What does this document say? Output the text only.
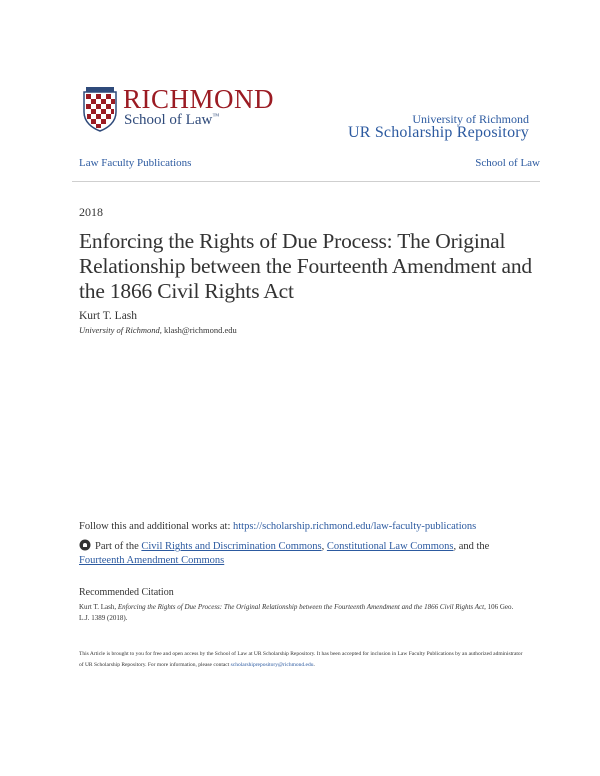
RICHMOND
School of Law™	University of Richmond
UR Scholarship Repository
Law Faculty Publications	School of Law
2018
Enforcing the Rights of Due Process: The Original Relationship between the Fourteenth Amendment and the 1866 Civil Rights Act
Kurt T. Lash
University of Richmond, klash@richmond.edu
Follow this and additional works at: https://scholarship.richmond.edu/law-faculty-publications
Part of the Civil Rights and Discrimination Commons, Constitutional Law Commons, and the Fourteenth Amendment Commons
Recommended Citation
Kurt T. Lash, Enforcing the Rights of Due Process: The Original Relationship between the Fourteenth Amendment and the 1866 Civil Rights Act, 106 Geo. L.J. 1389 (2018).
This Article is brought to you for free and open access by the School of Law at UR Scholarship Repository. It has been accepted for inclusion in Law Faculty Publications by an authorized administrator of UR Scholarship Repository. For more information, please contact scholarshiprepository@richmond.edu.
